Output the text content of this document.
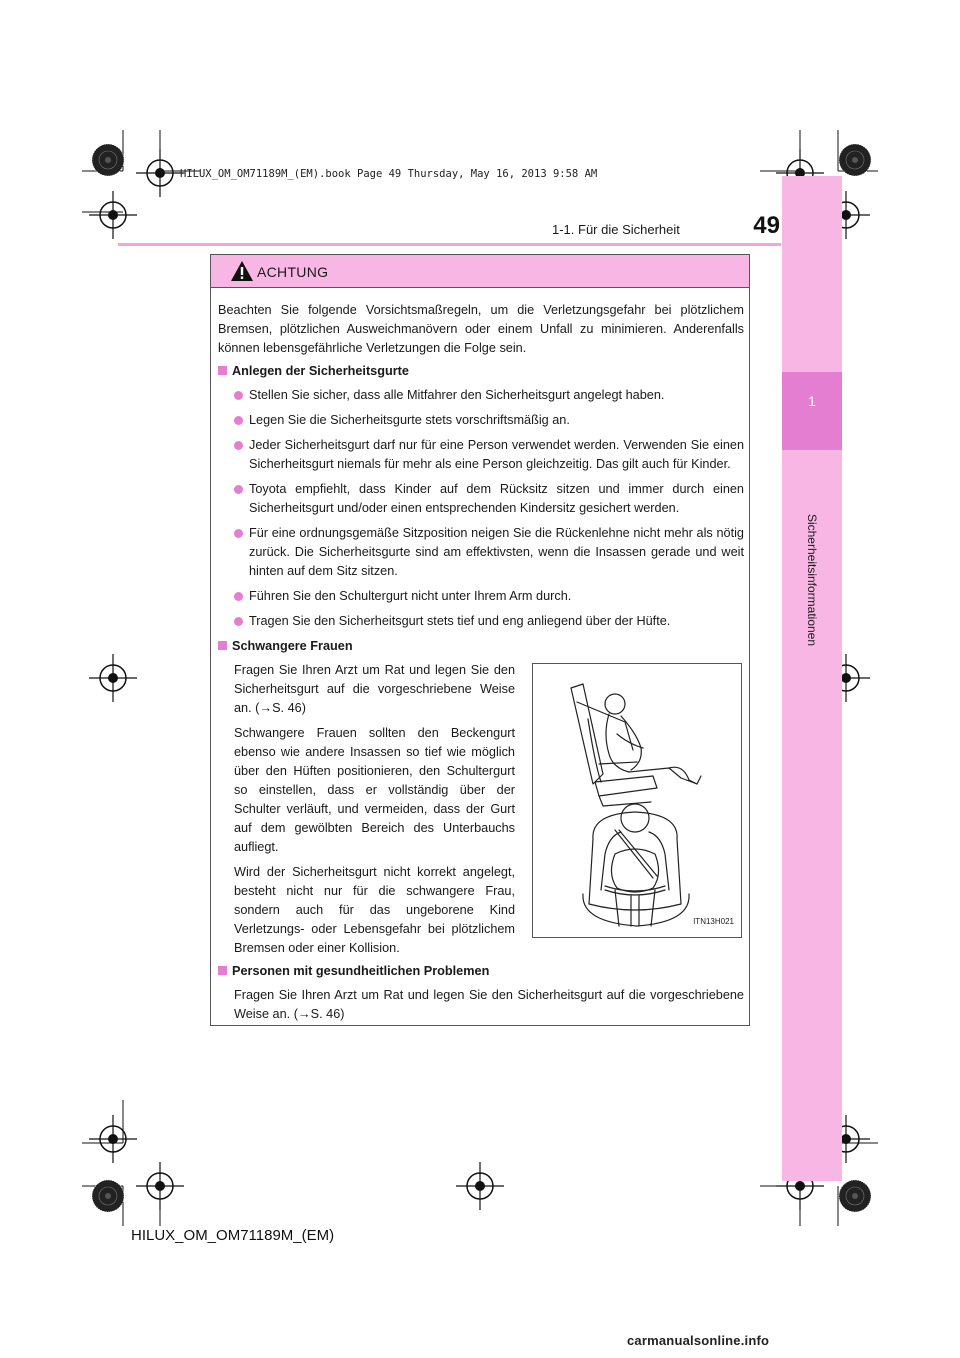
HILUX_OM_OM71189M_(EM).book Page 49 Thursday, May 16, 2013 9:58 AM
1-1. Für die Sicherheit	49
1
Sicherheitsinformationen
ACHTUNG

Beachten Sie folgende Vorsichtsmaßregeln, um die Verletzungsgefahr bei plötzlichem Bremsen, plötzlichen Ausweichmanövern oder einem Unfall zu minimieren. Anderenfalls können lebensgefährliche Verletzungen die Folge sein.

Anlegen der Sicherheitsgurte
Stellen Sie sicher, dass alle Mitfahrer den Sicherheitsgurt angelegt haben.
Legen Sie die Sicherheitsgurte stets vorschriftsmäßig an.
Jeder Sicherheitsgurt darf nur für eine Person verwendet werden. Verwenden Sie einen Sicherheitsgurt niemals für mehr als eine Person gleichzeitig. Das gilt auch für Kinder.
Toyota empfiehlt, dass Kinder auf dem Rücksitz sitzen und immer durch einen Sicherheitsgurt und/oder einen entsprechenden Kindersitz gesichert werden.
Für eine ordnungsgemäße Sitzposition neigen Sie die Rückenlehne nicht mehr als nötig zurück. Die Sicherheitsgurte sind am effektivsten, wenn die Insassen gerade und weit hinten auf dem Sitz sitzen.
Führen Sie den Schultergurt nicht unter Ihrem Arm durch.
Tragen Sie den Sicherheitsgurt stets tief und eng anliegend über der Hüfte.
Schwangere Frauen

Fragen Sie Ihren Arzt um Rat und legen Sie den Sicherheitsgurt auf die vorgeschriebene Weise an. (→S. 46)

Schwangere Frauen sollten den Beckengurt ebenso wie andere Insassen so tief wie möglich über den Hüften positionieren, den Schultergurt so einstellen, dass er vollständig über der Schulter verläuft, und vermeiden, dass der Gurt auf dem gewölbten Bereich des Unterbauchs aufliegt.

Wird der Sicherheitsgurt nicht korrekt angelegt, besteht nicht nur für die schwangere Frau, sondern auch für das ungeborene Kind Verletzungs- oder Lebensgefahr bei plötzlichem Bremsen oder einer Kollision.

ITN13H021
Personen mit gesundheitlichen Problemen

Fragen Sie Ihren Arzt um Rat und legen Sie den Sicherheitsgurt auf die vorgeschriebene Weise an. (→S. 46)

HILUX_OM_OM71189M_(EM)
carmanualsonline.info
